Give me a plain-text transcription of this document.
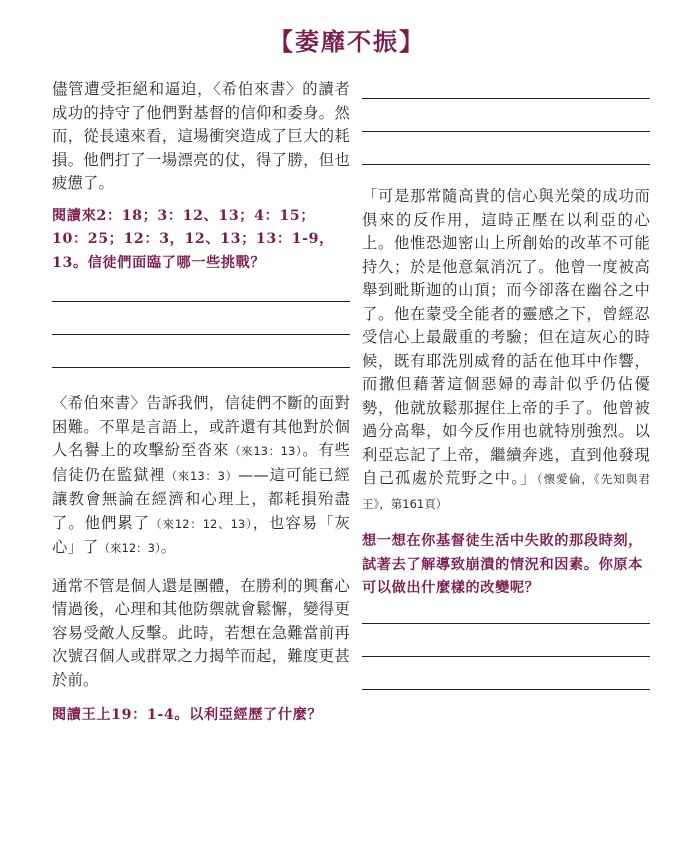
【萎靡不振】

儘管遭受拒絕和逼迫，〈希伯來書〉的讀者成功的持守了他們對基督的信仰和委身。然而，從長遠來看，這場衝突造成了巨大的耗損。他們打了一場漂亮的仗，得了勝，但也疲憊了。

閱讀來2：18；3：12、13；4：15；10：25；12：3，12、13；13：1-9，13。信徒們面臨了哪一些挑戰？

〈希伯來書〉告訴我們，信徒們不斷的面對困難。不單是言語上，或許還有其他對於個人名譽上的攻擊紛至沓來（來13：13）。有些信徒仍在監獄裡（來13：3）——這可能已經讓教會無論在經濟和心理上，都耗損殆盡了。他們累了（來12：12、13），也容易「灰心」了（來12：3）。

通常不管是個人還是團體，在勝利的興奮心情過後，心理和其他防禦就會鬆懈，變得更容易受敵人反擊。此時，若想在急難當前再次號召個人或群眾之力揭竿而起，難度更甚於前。

閱讀王上19：1-4。以利亞經歷了什麼？

「可是那常隨高貴的信心與光榮的成功而俱來的反作用，這時正壓在以利亞的心上。他惟恐迦密山上所創始的改革不可能持久；於是他意氣消沉了。他曾一度被高舉到毗斯迦的山頂；而今卻落在幽谷之中了。他在蒙受全能者的靈感之下，曾經忍受信心上最嚴重的考驗；但在這灰心的時候，既有耶洗別威脅的話在他耳中作響，而撒但藉著這個惡婦的毒計似乎仍佔優勢，他就放鬆那握住上帝的手了。他曾被過分高舉，如今反作用也就特別強烈。以利亞忘記了上帝，繼續奔逃，直到他發現自己孤處於荒野之中。」（懷愛倫，《先知與君王》，第161頁）

想一想在你基督徒生活中失敗的那段時刻，試著去了解導致崩潰的情況和因素。你原本可以做出什麼樣的改變呢？
